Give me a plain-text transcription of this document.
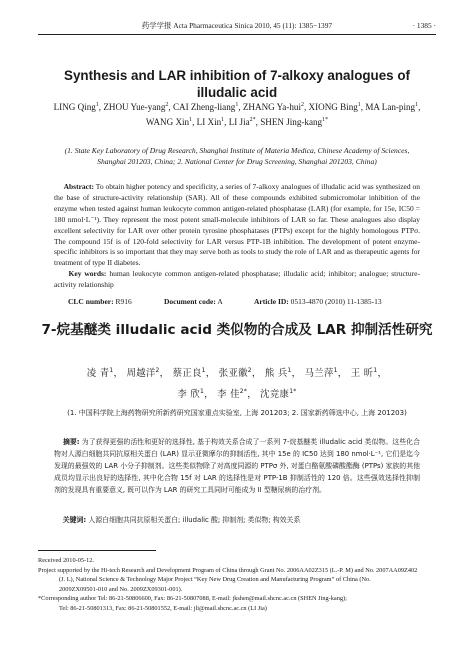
药学学报 Acta Pharmaceutica Sinica 2010, 45 (11): 1385−1397	· 1385 ·
Synthesis and LAR inhibition of 7-alkoxy analogues of illudalic acid
LING Qing$^1$, ZHOU Yue-yang$^2$, CAI Zheng-liang$^1$, ZHANG Ya-hui$^2$, XIONG Bing$^1$, MA Lan-ping$^1$,
WANG Xin$^1$, LI Xin$^1$, LI Jia$^{2*}$, SHEN Jing-kang$^{1*}$
(1. State Key Laboratory of Drug Research, Shanghai Institute of Materia Medica, Chinese Academy of Sciences,
Shanghai 201203, China; 2. National Center for Drug Screening, Shanghai 201203, China)
Abstract: To obtain higher potency and specificity, a series of 7-alkoxy analogues of illudalic acid was synthesized on the base of structure-activity relationship (SAR). All of these compounds exhibited submicromolar inhibition of the enzyme when tested against human leukocyte common antigen-related phosphatase (LAR) (for example, for 15e, IC50 = 180 nmol·L⁻¹). They represent the most potent small-molecule inhibitors of LAR so far. These analogues also display excellent selectivity for LAR over other protein tyrosine phosphatases (PTPs) except for the highly homologous PTPσ. The compound 15f is of 120-fold selectivity for LAR versus PTP-1B inhibition. The development of potent enzyme-specific inhibitors is so important that they may serve both as tools to study the role of LAR and as therapeutic agents for treatment of type II diabetes.
Key words: human leukocyte common antigen-related phosphatase; illudalic acid; inhibitor; analogue; structure-activity relationship
CLC number: R916	Document code: A	Article ID: 0513-4870 (2010) 11-1385-13
7-烷基醚类 illudalic acid 类似物的合成及 LAR 抑制活性研究
凌 青$^1$， 周越洋$^2$， 蔡正良$^1$， 张亚徽$^2$， 熊 兵$^1$， 马兰萍$^1$， 王 昕$^1$，
李 欣$^1$， 李 佳$^{2*}$， 沈竞康$^{1*}$
(1. 中国科学院上海药物研究所新药研究国家重点实验室, 上海 201203; 2. 国家新药筛选中心, 上海 201203)
摘要: 为了获得更强的活性和更好的选择性, 基于构效关系合成了一系列 7-烷基醚类 illudalic acid 类似物。这些化合物对人源白细胞共同抗原相关蛋白 (LAR) 显示亚微摩尔的抑制活性, 其中 15e 的 IC50 达到 180 nmol·L⁻¹, 它们是迄今发现的最强效的 LAR 小分子抑制剂。这些类似物除了对高度同源的 PTPσ 外, 对蛋白酪氨酸磷酸酯酶 (PTPs) 家族的其他成员均显示出良好的选择性, 其中化合物 15f 对 LAR 的选择性是对 PTP-1B 抑制活性的 120 倍。这些强效选择性抑制剂的发现具有重要意义, 既可以作为 LAR 的研究工具同时可能成为 II 型糖尿病的治疗剂。
关键词: 人源白细胞共同抗原相关蛋白; illudalic 酸; 抑制剂; 类似物; 构效关系

Received 2010-05-12.

Project supported by the Hi-tech Research and Development Program of China through Grant No. 2006AA02Z315 (L.-P. M) and No. 2007AA09Z402

(J. L), National Science & Technology Major Project “Key New Drug Creation and Manufacturing Program” of China (No.

2009ZX09501-010 and No. 2009ZX09301-001).

*Corresponding author Tel: 86-21-50806600, Fax: 86-21-50807088, E-mail: jkshen@mail.shcnc.ac.cn (SHEN Jing-kang);

Tel: 86-21-50801313, Fax: 86-21-50801552, E-mail: jli@mail.shcnc.ac.cn (LI Jia)
